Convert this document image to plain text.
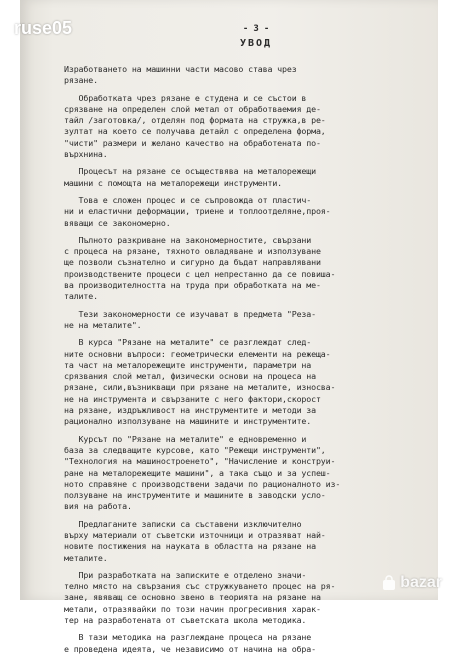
- 3 -
УВОД
Изработването на машинни части масово става чрез
рязане.
Обработката чрез рязане е студена и се състои в
срязване на определен слой метал от обработваемия де-
тайл /заготовка/, отделян под формата на стружка,в ре-
зултат на което се получава детайл с определена форма,
"чисти" размери и желано качество на обработената по-
върхнина.
Процесът на рязане се осъществява на металорежещи
машини с помощта на металорежещи инструменти.
Това е сложен процес и се съпровожда от пластич-
ни и еластични деформации, триене и топлоотделяне,проя-
вяващи се закономерно.
Пълното разкриване на закономерностите, свързани
с процеса на рязане, тяхното овладяване и използуване
ще позволи съзнателно и сигурно да бъдат направлявани
производствените процеси с цел непрестанно да се повиша-
ва производителността на труда при обработката на ме-
талите.
Тези закономерности се изучават в предмета "Реза-
не на металите".
В курса "Рязане на металите" се разглеждат след-
ните основни въпроси: геометрически елементи на режеща-
та част на металорежещите инструменти, параметри на
срязвания слой метал, физически основи на процеса на
рязане, сили,възникващи при рязане на металите, износва-
не на инструмента и свързаните с него фактори,скорост
на рязане, издръжливост на инструментите и методи за
рационално използуване на машините и инструментите.
Курсът по "Рязане на металите" е едновременно и
база за следващите курсове, като "Режещи инструменти",
"Технология на машиностроенето", "Начисление и конструи-
ране на металорежещите машини", а така също и за успеш-
ното справяне с производствени задачи по рационалното из-
ползуване на инструментите и машините в заводски усло-
вия на работа.
Предлаганите записки са съставени изключително
върху материали от съветски източници и отразяват най-
новите постижения на науката в областта на рязане на
металите.
При разработката на записките е отделено значи-
телно място на свързания със стружкуването процес на ря-
зане, явяващ се основно звено в теорията на рязане на
метали, отразявайки по този начин прогресивния харак-
тер на разработената от съветската школа методика.
В тази методика на разглеждане процеса на рязане
е проведена идеята, че независимо от начина на обра-
ruse05
bazar
